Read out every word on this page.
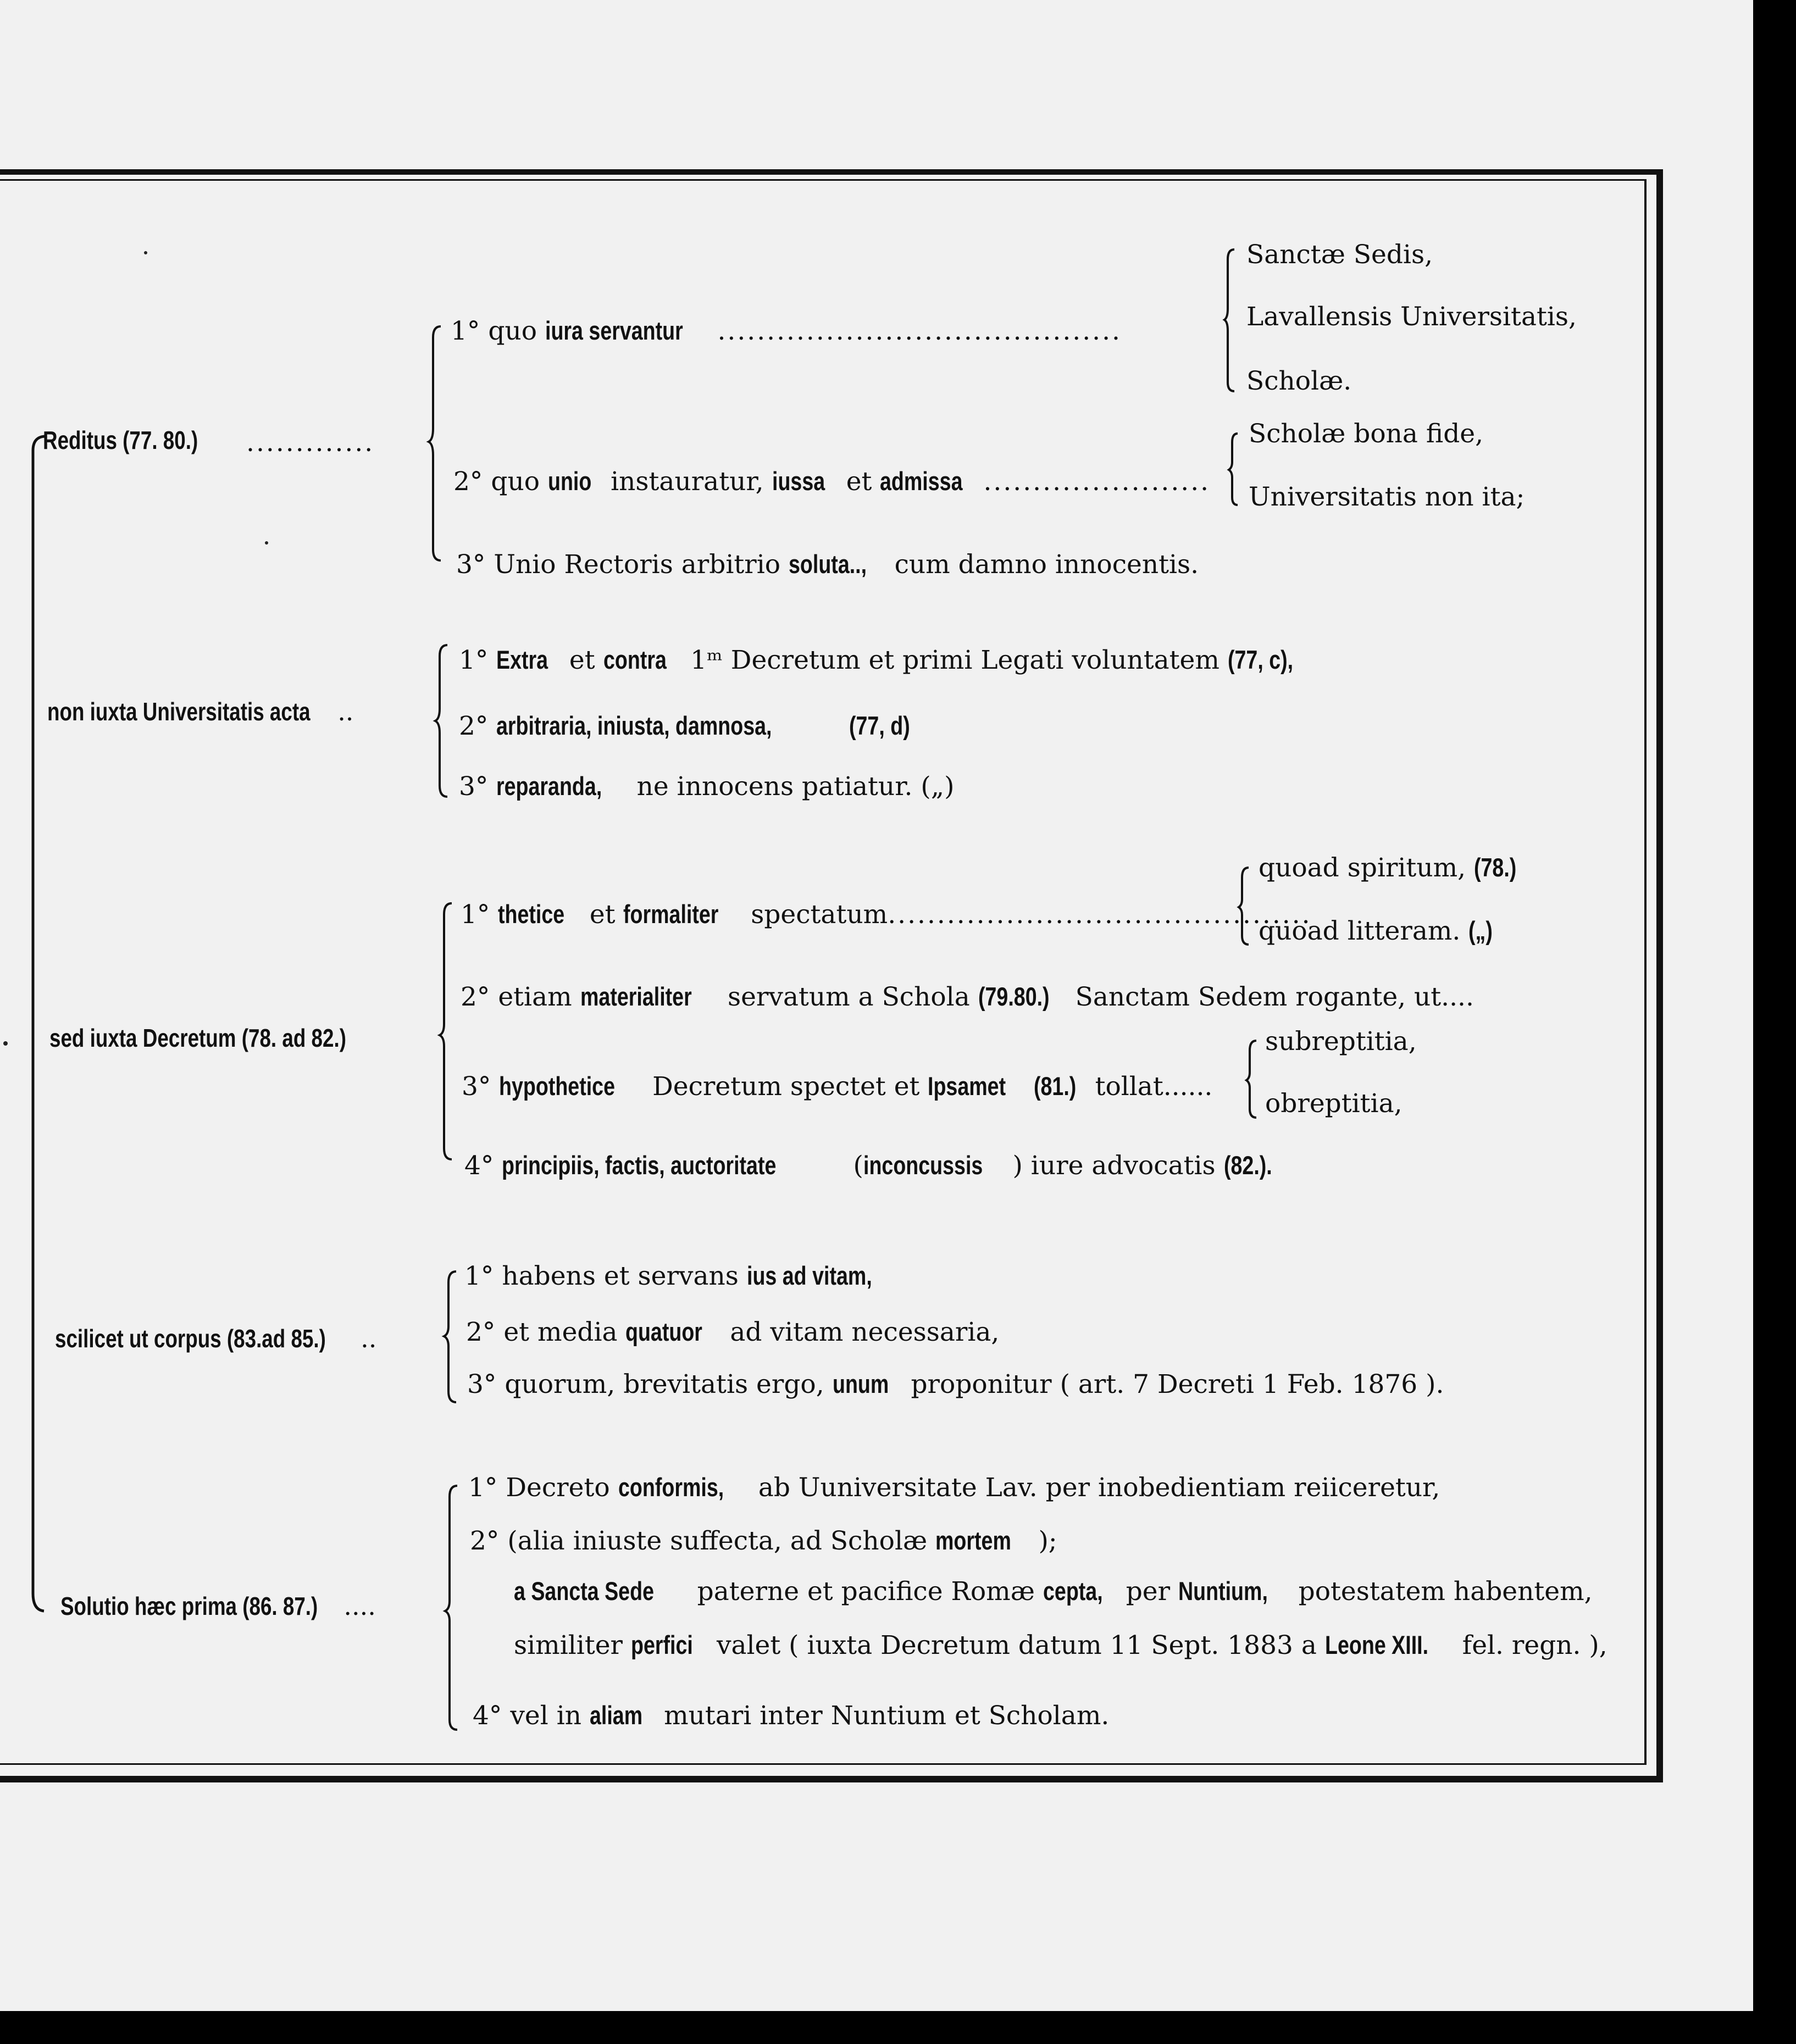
Reditus (77. 80.)	.............
1° quo iura servantur .........................................
Sanctæ Sedis,
Lavallensis Universitatis,
Scholæ.
2° quo unio instauratur, iussa et admissa .......................
Scholæ bona fide,
Universitatis non ita;
3° Unio Rectoris arbitrio soluta.., cum damno innocentis.
non iuxta Universitatis acta ..
1° Extra et contra 1ᵐ Decretum et primi Legati voluntatem (77, c),
2° arbitraria, iniusta, damnosa,	(77, d)
3° reparanda, ne innocens patiatur. („)
sed iuxta Decretum (78. ad 82.)
1° thetice et formaliter spectatum...........................................
quoad spiritum, (78.)
quoad litteram. („)
2° etiam materialiter servatum a Schola (79.80.) Sanctam Sedem rogante, ut....
3° hypothetice Decretum spectet et Ipsamet (81.) tollat......
subreptitia,
obreptitia,
4° principiis, factis, auctoritate	(inconcussis ) iure advocatis (82.).
scilicet ut corpus (83.ad 85.) ..
1° habens et servans ius ad vitam,
2° et media quatuor ad vitam necessaria,
3° quorum, brevitatis ergo, unum proponitur ( art. 7 Decreti 1 Feb. 1876 ).
Solutio hæc prima (86. 87.) ....
1° Decreto conformis, ab Uuniversitate Lav. per inobedientiam reiiceretur,
2° (alia iniuste suffecta, ad Scholæ mortem );
a Sancta Sede paterne et pacifice Romæ cepta, per Nuntium, potestatem habentem,
similiter perfici valet ( iuxta Decretum datum 11 Sept. 1883 a Leone XIII. fel. regn. ),
4° vel in aliam mutari inter Nuntium et Scholam.
